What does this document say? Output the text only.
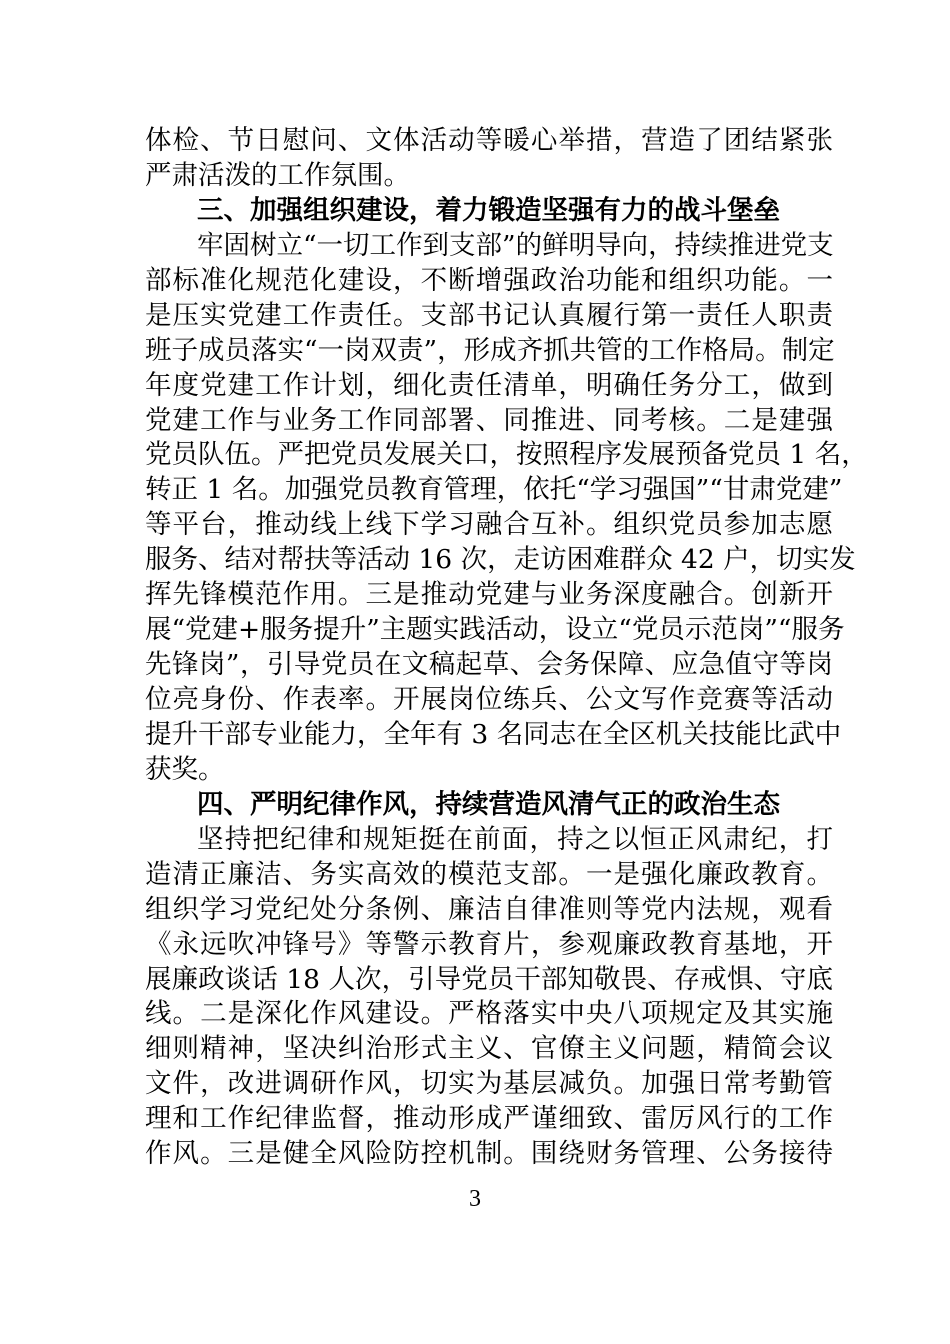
体检、节日慰问、文体活动等暖心举措，营造了团结紧张
严肃活泼的工作氛围。
三、加强组织建设，着力锻造坚强有力的战斗堡垒
牢固树立“一切工作到支部”的鲜明导向，持续推进党支
部标准化规范化建设，不断增强政治功能和组织功能。一
是压实党建工作责任。支部书记认真履行第一责任人职责
班子成员落实“一岗双责”，形成齐抓共管的工作格局。制定
年度党建工作计划，细化责任清单，明确任务分工，做到
党建工作与业务工作同部署、同推进、同考核。二是建强
党员队伍。严把党员发展关口，按照程序发展预备党员 1 名，
转正 1 名。加强党员教育管理，依托“学习强国”“甘肃党建”
等平台，推动线上线下学习融合互补。组织党员参加志愿
服务、结对帮扶等活动 16 次，走访困难群众 42 户，切实发
挥先锋模范作用。三是推动党建与业务深度融合。创新开
展“党建+服务提升”主题实践活动，设立“党员示范岗”“服务
先锋岗”，引导党员在文稿起草、会务保障、应急值守等岗
位亮身份、作表率。开展岗位练兵、公文写作竞赛等活动
提升干部专业能力，全年有 3 名同志在全区机关技能比武中
获奖。
四、严明纪律作风，持续营造风清气正的政治生态
坚持把纪律和规矩挺在前面，持之以恒正风肃纪，打
造清正廉洁、务实高效的模范支部。一是强化廉政教育。
组织学习党纪处分条例、廉洁自律准则等党内法规，观看
《永远吹冲锋号》等警示教育片，参观廉政教育基地，开
展廉政谈话 18 人次，引导党员干部知敬畏、存戒惧、守底
线。二是深化作风建设。严格落实中央八项规定及其实施
细则精神，坚决纠治形式主义、官僚主义问题，精简会议
文件，改进调研作风，切实为基层减负。加强日常考勤管
理和工作纪律监督，推动形成严谨细致、雷厉风行的工作
作风。三是健全风险防控机制。围绕财务管理、公务接待
3
